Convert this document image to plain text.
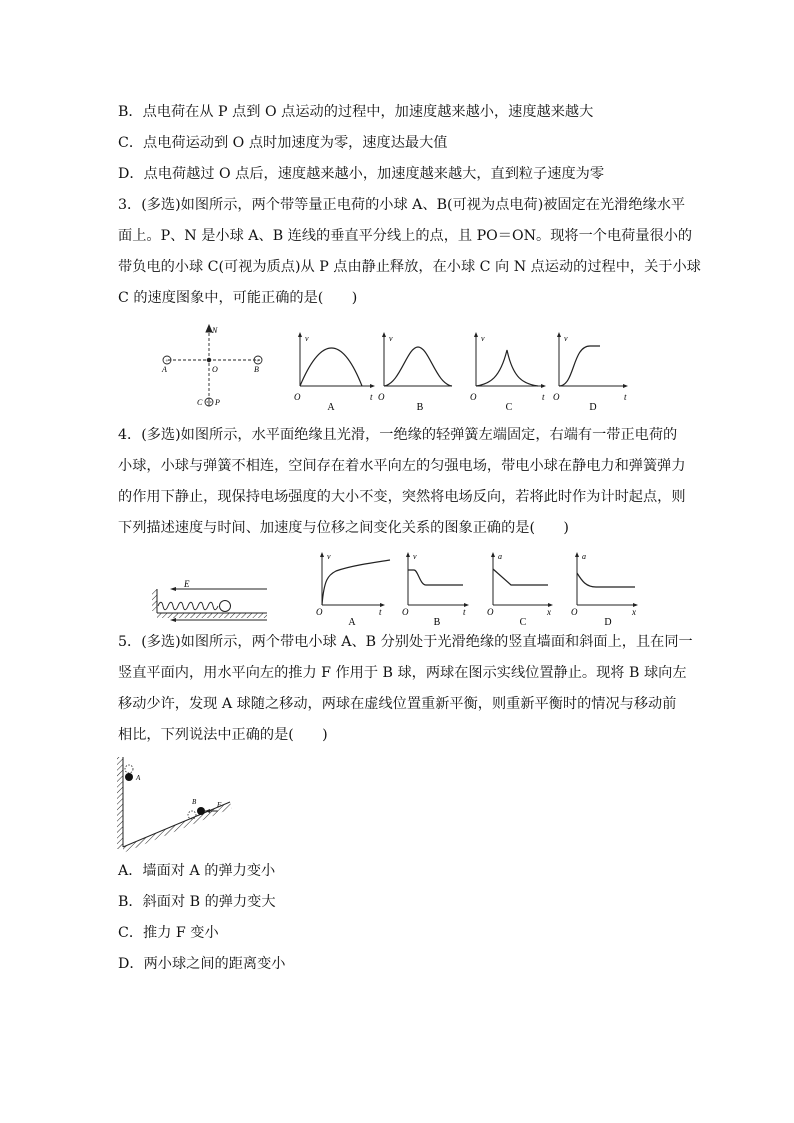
B．点电荷在从 P 点到 O 点运动的过程中，加速度越来越小，速度越来越大
C．点电荷运动到 O 点时加速度为零，速度达最大值
D．点电荷越过 O 点后，速度越来越小，加速度越来越大，直到粒子速度为零
3．(多选)如图所示，两个带等量正电荷的小球 A、B(可视为点电荷)被固定在光滑绝缘水平
面上。P、N 是小球 A、B 连线的垂直平分线上的点，且 PO＝ON。现将一个电荷量很小的
带负电的小球 C(可视为质点)从 P 点由静止释放，在小球 C 向 N 点运动的过程中，关于小球
C 的速度图象中，可能正确的是(　　)
+	+
N
O
A	B
C P
v
t
O
A
v
O
B
v
t
O
C
v
t
O
D
4．(多选)如图所示，水平面绝缘且光滑，一绝缘的轻弹簧左端固定，右端有一带正电荷的
小球，小球与弹簧不相连，空间存在着水平向左的匀强电场，带电小球在静电力和弹簧弹力
的作用下静止，现保持电场强度的大小不变，突然将电场反向，若将此时作为计时起点，则
下列描述速度与时间、加速度与位移之间变化关系的图象正确的是(　　)
E
v
t
O
A
v
t
O
B
a
x
O
C
a
x
O
D
5．(多选)如图所示，两个带电小球 A、B 分别处于光滑绝缘的竖直墙面和斜面上，且在同一
竖直平面内，用水平向左的推力 F 作用于 B 球，两球在图示实线位置静止。现将 B 球向左
移动少许，发现 A 球随之移动，两球在虚线位置重新平衡，则重新平衡时的情况与移动前
相比，下列说法中正确的是(　　)
A
B	F
A．墙面对 A 的弹力变小
B．斜面对 B 的弹力变大
C．推力 F 变小
D．两小球之间的距离变小
